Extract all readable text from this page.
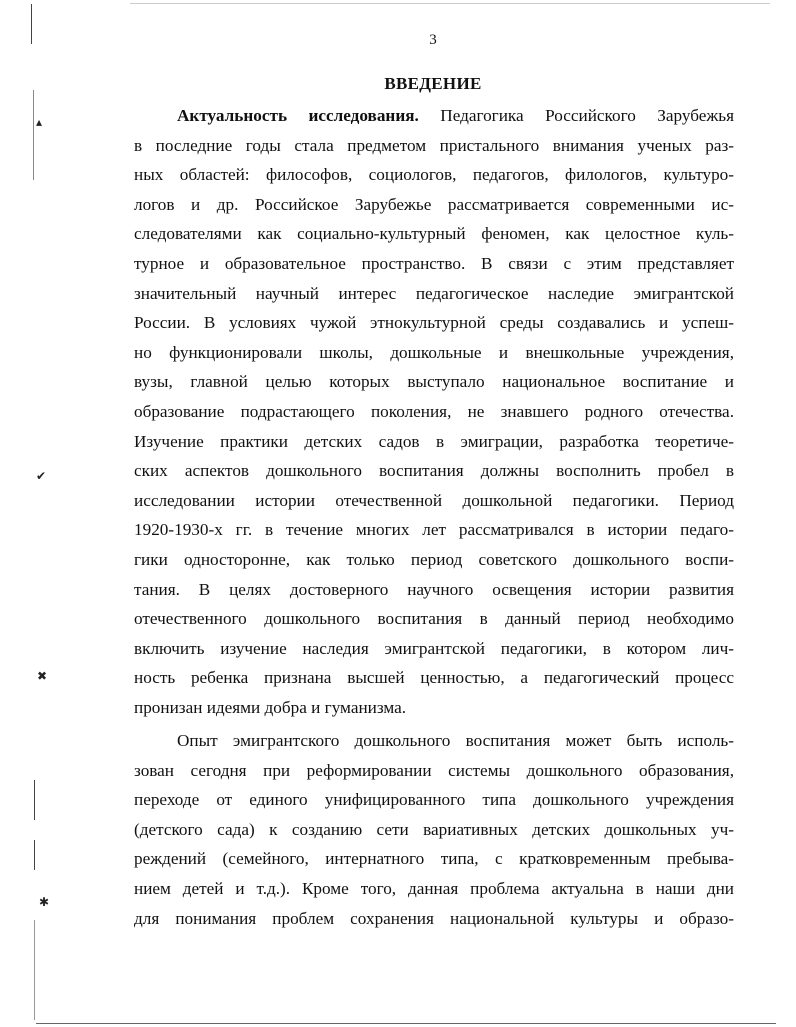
▴
✔
✖
✱
3
ВВЕДЕНИЕ
Актуальность исследования. Педагогика Российского Зарубежья
в последние годы стала предметом пристального внимания ученых раз-
ных областей: философов, социологов, педагогов, филологов, культуро-
логов и др. Российское Зарубежье рассматривается современными ис-
следователями как социально-культурный феномен, как целостное куль-
турное и образовательное пространство. В связи с этим представляет
значительный научный интерес педагогическое наследие эмигрантской
России. В условиях чужой этнокультурной среды создавались и успеш-
но функционировали школы, дошкольные и внешкольные учреждения,
вузы, главной целью которых выступало национальное воспитание и
образование подрастающего поколения, не знавшего родного отечества.
Изучение практики детских садов в эмиграции, разработка теоретиче-
ских аспектов дошкольного воспитания должны восполнить пробел в
исследовании истории отечественной дошкольной педагогики. Период
1920-1930-х гг. в течение многих лет рассматривался в истории педаго-
гики односторонне, как только период советского дошкольного воспи-
тания. В целях достоверного научного освещения истории развития
отечественного дошкольного воспитания в данный период необходимо
включить изучение наследия эмигрантской педагогики, в котором лич-
ность ребенка признана высшей ценностью, а педагогический процесс
пронизан идеями добра и гуманизма.
Опыт эмигрантского дошкольного воспитания может быть исполь-
зован сегодня при реформировании системы дошкольного образования,
переходе от единого унифицированного типа дошкольного учреждения
(детского сада) к созданию сети вариативных детских дошкольных уч-
реждений (семейного, интернатного типа, с кратковременным пребыва-
нием детей и т.д.). Кроме того, данная проблема актуальна в наши дни
для понимания проблем сохранения национальной культуры и образо-
